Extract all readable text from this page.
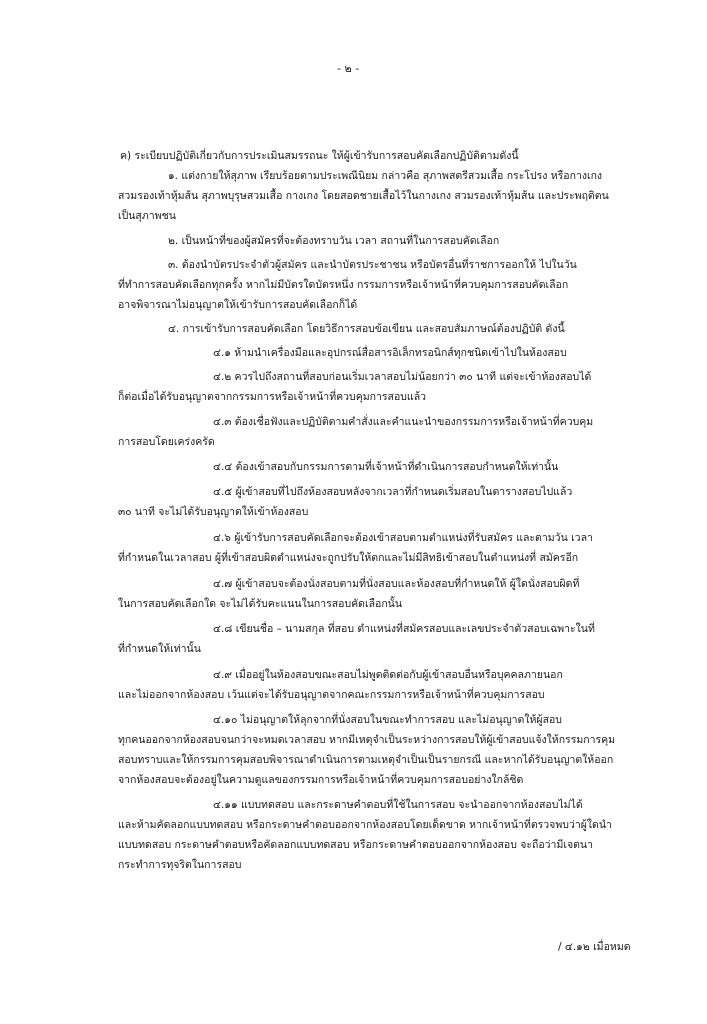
- ๒ -

ค) ระเบียบปฏิบัติเกี่ยวกับการประเมินสมรรถนะ ให้ผู้เข้ารับการสอบคัดเลือกปฏิบัติตามดังนี้

๑. แต่งกายให้สุภาพ เรียบร้อยตามประเพณีนิยม กล่าวคือ สุภาพสตรีสวมเสื้อ กระโปรง หรือกางเกง

สวมรองเท้าหุ้มส้น สุภาพบุรุษสวมเสื้อ กางเกง โดยสอดชายเสื้อไว้ในกางเกง สวมรองเท้าหุ้มส้น และประพฤติตน

เป็นสุภาพชน

๒. เป็นหน้าที่ของผู้สมัครที่จะต้องทราบวัน เวลา สถานที่ในการสอบคัดเลือก

๓. ต้องนำบัตรประจำตัวผู้สมัคร และนำบัตรประชาชน หรือบัตรอื่นที่ราชการออกให้ ไปในวัน

ที่ทำการสอบคัดเลือกทุกครั้ง หากไม่มีบัตรใดบัตรหนึ่ง กรรมการหรือเจ้าหน้าที่ควบคุมการสอบคัดเลือก

อาจพิจารณาไม่อนุญาตให้เข้ารับการสอบคัดเลือกก็ได้

๔. การเข้ารับการสอบคัดเลือก โดยวิธีการสอบข้อเขียน และสอบสัมภาษณ์ต้องปฏิบัติ ดังนี้

๔.๑ ห้ามนำเครื่องมือและอุปกรณ์สื่อสารอิเล็กทรอนิกส์ทุกชนิดเข้าไปในห้องสอบ

๔.๒ ควรไปถึงสถานที่สอบก่อนเริ่มเวลาสอบไม่น้อยกว่า ๓๐ นาที แต่จะเข้าห้องสอบได้

ก็ต่อเมื่อได้รับอนุญาตจากกรรมการหรือเจ้าหน้าที่ควบคุมการสอบแล้ว

๔.๓ ต้องเชื่อฟังและปฏิบัติตามคำสั่งและคำแนะนำของกรรมการหรือเจ้าหน้าที่ควบคุม

การสอบโดยเคร่งครัด

๔.๔ ต้องเข้าสอบกับกรรมการตามที่เจ้าหน้าที่ดำเนินการสอบกำหนดให้เท่านั้น

๔.๕ ผู้เข้าสอบที่ไปถึงห้องสอบหลังจากเวลาที่กำหนดเริ่มสอบในตารางสอบไปแล้ว

๓๐ นาที จะไม่ได้รับอนุญาตให้เข้าห้องสอบ

๔.๖ ผู้เข้ารับการสอบคัดเลือกจะต้องเข้าสอบตามตำแหน่งที่รับสมัคร และตามวัน เวลา

ที่กำหนดในเวลาสอบ ผู้ที่เข้าสอบผิดตำแหน่งจะถูกปรับให้ตกและไม่มีสิทธิเข้าสอบในตำแหน่งที่ สมัครอีก

๔.๗ ผู้เข้าสอบจะต้องนั่งสอบตามที่นั่งสอบและห้องสอบที่กำหนดให้ ผู้ใดนั่งสอบผิดที่

ในการสอบคัดเลือกใด จะไม่ได้รับคะแนนในการสอบคัดเลือกนั้น

๔.๘ เขียนชื่อ – นามสกุล ที่สอบ ตำแหน่งที่สมัครสอบและเลขประจำตัวสอบเฉพาะในที่

ที่กำหนดให้เท่านั้น

๔.๙ เมื่ออยู่ในห้องสอบขณะสอบไม่พูดติดต่อกับผู้เข้าสอบอื่นหรือบุคคลภายนอก

และไม่ออกจากห้องสอบ เว้นแต่จะได้รับอนุญาตจากคณะกรรมการหรือเจ้าหน้าที่ควบคุมการสอบ

๔.๑๐ ไม่อนุญาตให้ลุกจากที่นั่งสอบในขณะทำการสอบ และไม่อนุญาตให้ผู้สอบ

ทุกคนออกจากห้องสอบจนกว่าจะหมดเวลาสอบ หากมีเหตุจำเป็นระหว่างการสอบให้ผู้เข้าสอบแจ้งให้กรรมการคุม

สอบทราบและให้กรรมการคุมสอบพิจารณาดำเนินการตามเหตุจำเป็นเป็นรายกรณี และหากได้รับอนุญาตให้ออก

จากห้องสอบจะต้องอยู่ในความดูแลของกรรมการหรือเจ้าหน้าที่ควบคุมการสอบอย่างใกล้ชิด

๔.๑๑ แบบทดสอบ และกระดาษคำตอบที่ใช้ในการสอบ จะนำออกจากห้องสอบไม่ได้

และห้ามคัดลอกแบบทดสอบ หรือกระดาษคำตอบออกจากห้องสอบโดยเด็ดขาด หากเจ้าหน้าที่ตรวจพบว่าผู้ใดนำ

แบบทดสอบ กระดาษคำตอบหรือคัดลอกแบบทดสอบ หรือกระดาษคำตอบออกจากห้องสอบ จะถือว่ามีเจตนา

กระทำการทุจริตในการสอบ

/ ๔.๑๒ เมื่อหมด
